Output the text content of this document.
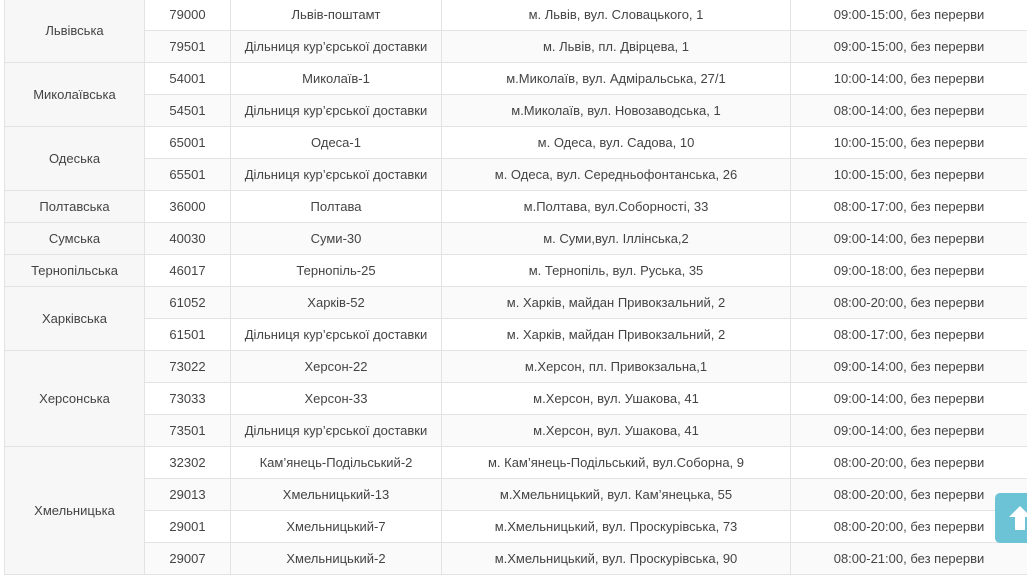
Львівська	79000	Львів-поштамт	м. Львів, вул. Словацького, 1	09:00-15:00, без перерви
	79501	Дільниця кур’єрської доставки	м. Львів, пл. Двірцева, 1	09:00-15:00, без перерви
Миколаївська	54001	Миколаїв-1	м.Миколаїв, вул. Адміральська, 27/1	10:00-14:00, без перерви
	54501	Дільниця кур’єрської доставки	м.Миколаїв, вул. Новозаводська, 1	08:00-14:00, без перерви
Одеська	65001	Одеса-1	м. Одеса, вул. Садова, 10	10:00-15:00, без перерви
	65501	Дільниця кур’єрської доставки	м. Одеса, вул. Середньофонтанська, 26	10:00-15:00, без перерви
Полтавська	36000	Полтава	м.Полтава, вул.Соборності, 33	08:00-17:00, без перерви
Сумська	40030	Суми-30	м. Суми,вул. Іллінська,2	09:00-14:00, без перерви
Тернопільська	46017	Тернопіль-25	м. Тернопіль, вул. Руська, 35	09:00-18:00, без перерви
Харківська	61052	Харків-52	м. Харків, майдан Привокзальний, 2	08:00-20:00, без перерви
	61501	Дільниця кур’єрської доставки	м. Харків, майдан Привокзальний, 2	08:00-17:00, без перерви
Херсонська	73022	Херсон-22	м.Херсон, пл. Привокзальна,1	09:00-14:00, без перерви
	73033	Херсон-33	м.Херсон, вул. Ушакова, 41	09:00-14:00, без перерви
	73501	Дільниця кур’єрської доставки	м.Херсон, вул. Ушакова, 41	09:00-14:00, без перерви
Хмельницька	32302	Кам’янець-Подільський-2	м. Кам’янець-Подільський, вул.Соборна, 9	08:00-20:00, без перерви
	29013	Хмельницький-13	м.Хмельницький, вул. Кам’янецька, 55	08:00-20:00, без перерви
	29001	Хмельницький-7	м.Хмельницький, вул. Проскурівська, 73	08:00-20:00, без перерви
	29007	Хмельницький-2	м.Хмельницький, вул. Проскурівська, 90	08:00-21:00, без перерви
